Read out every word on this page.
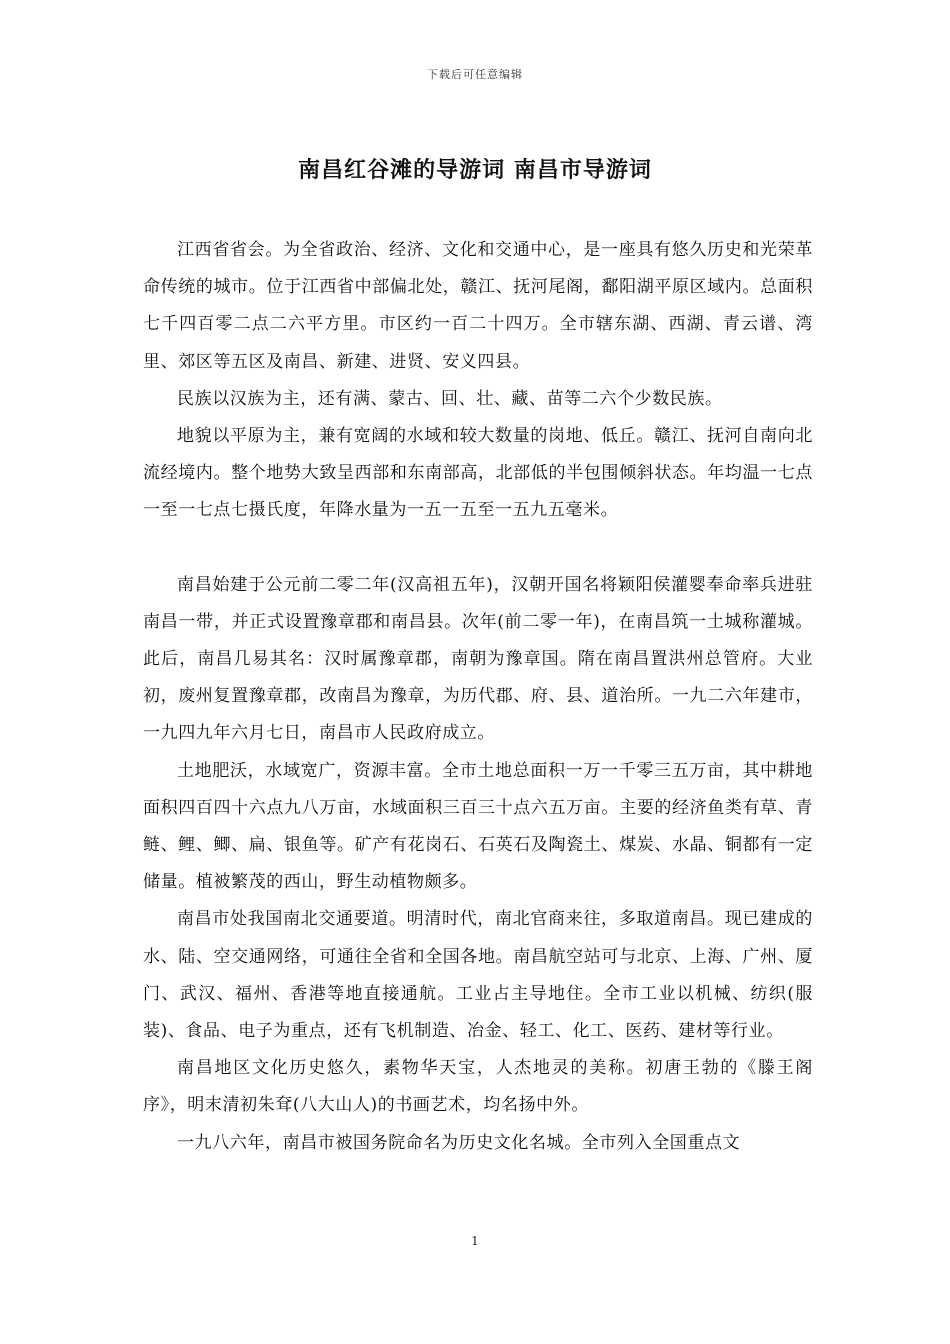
下载后可任意编辑
南昌红谷滩的导游词 南昌市导游词

江西省省会。为全省政治、经济、文化和交通中心，是一座具有悠久历史和光荣革命传统的城市。位于江西省中部偏北处，赣江、抚河尾阁，鄱阳湖平原区域内。总面积七千四百零二点二六平方里。市区约一百二十四万。全市辖东湖、西湖、青云谱、湾里、郊区等五区及南昌、新建、进贤、安义四县。

民族以汉族为主，还有满、蒙古、回、壮、藏、苗等二六个少数民族。

地貌以平原为主，兼有宽阔的水域和较大数量的岗地、低丘。赣江、抚河自南向北流经境内。整个地势大致呈西部和东南部高，北部低的半包围倾斜状态。年均温一七点一至一七点七摄氏度，年降水量为一五一五至一五九五毫米。

南昌始建于公元前二零二年(汉高祖五年)，汉朝开国名将颖阳侯灌婴奉命率兵进驻南昌一带，并正式设置豫章郡和南昌县。次年(前二零一年)，在南昌筑一土城称灌城。此后，南昌几易其名：汉时属豫章郡，南朝为豫章国。隋在南昌置洪州总管府。大业初，废州复置豫章郡，改南昌为豫章，为历代郡、府、县、道治所。一九二六年建市，一九四九年六月七日，南昌市人民政府成立。

土地肥沃，水域宽广，资源丰富。全市土地总面积一万一千零三五万亩，其中耕地面积四百四十六点九八万亩，水域面积三百三十点六五万亩。主要的经济鱼类有草、青鲢、鲤、鲫、扁、银鱼等。矿产有花岗石、石英石及陶瓷土、煤炭、水晶、铜都有一定储量。植被繁茂的西山，野生动植物颇多。

南昌市处我国南北交通要道。明清时代，南北官商来往，多取道南昌。现已建成的水、陆、空交通网络，可通往全省和全国各地。南昌航空站可与北京、上海、广州、厦门、武汉、福州、香港等地直接通航。工业占主导地住。全市工业以机械、纺织(服装)、食品、电子为重点，还有飞机制造、冶金、轻工、化工、医药、建材等行业。

南昌地区文化历史悠久，素物华天宝，人杰地灵的美称。初唐王勃的《滕王阁序》，明末清初朱耷(八大山人)的书画艺术，均名扬中外。

一九八六年，南昌市被国务院命名为历史文化名城。全市列入全国重点文

1
